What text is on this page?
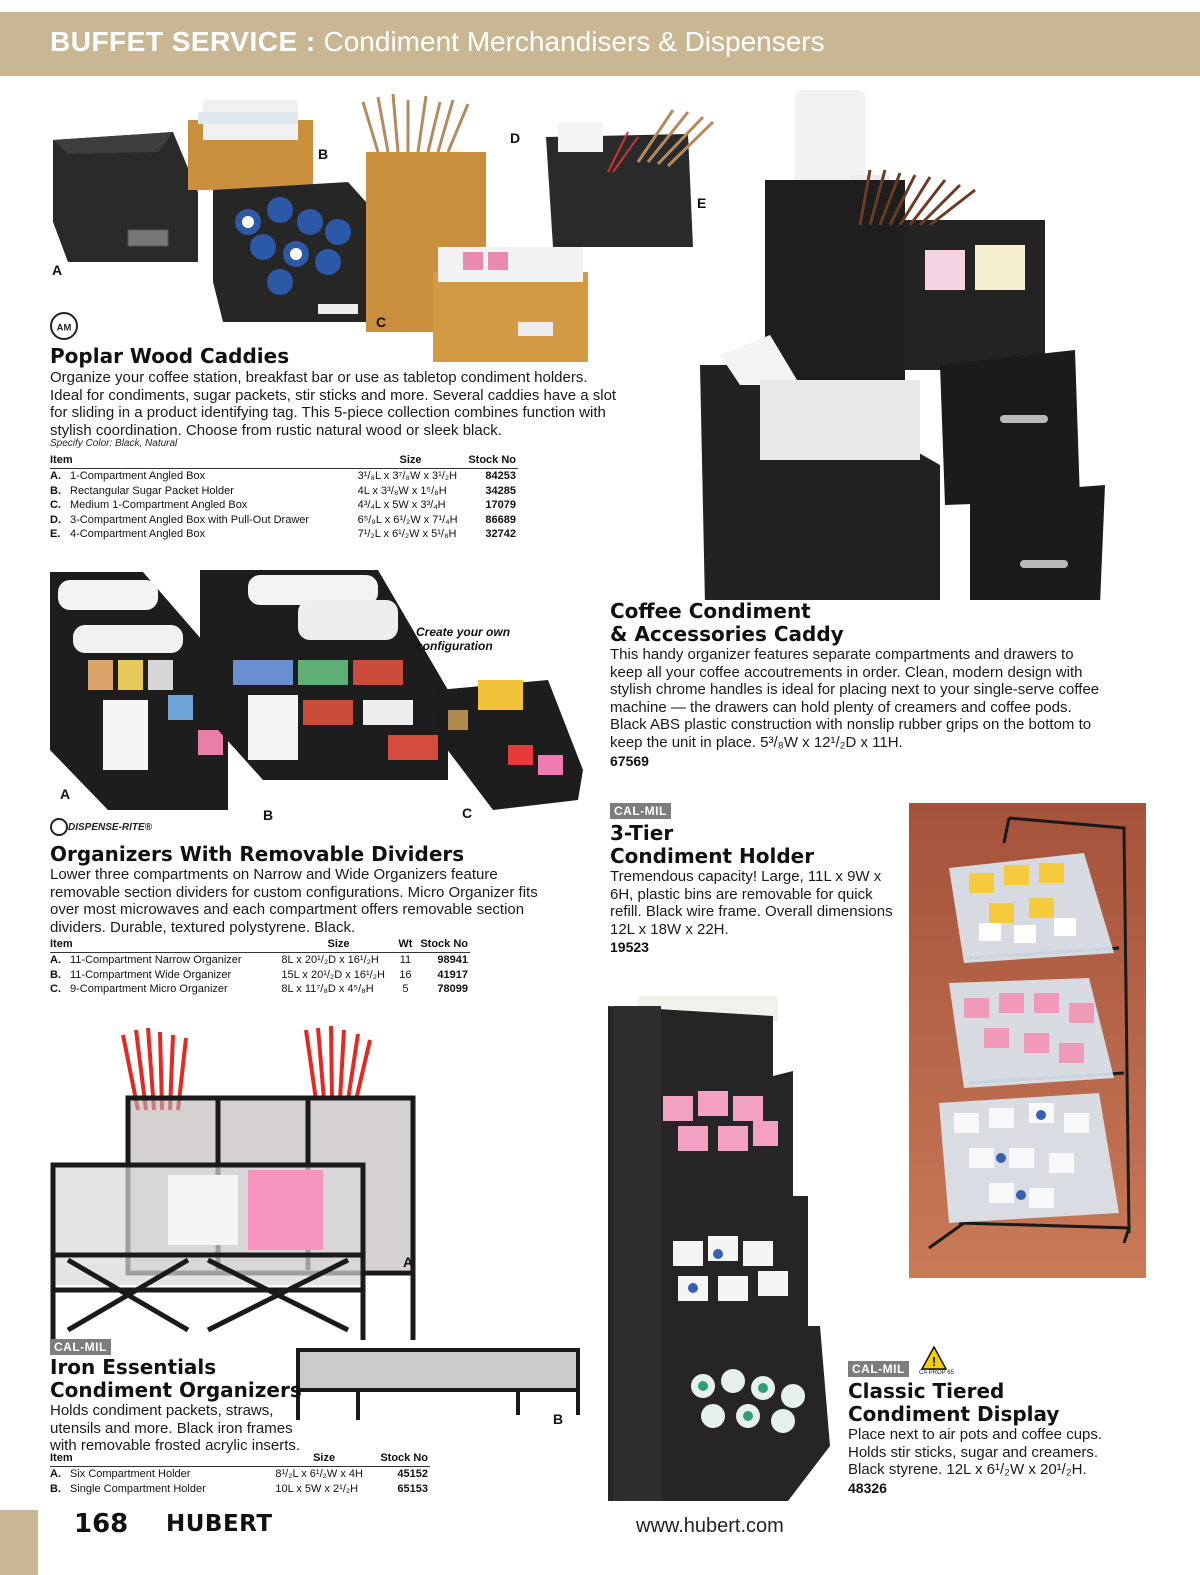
BUFFET SERVICE : Condiment Merchandisers & Dispensers
A
B
C
D
E
AM
Poplar Wood Caddies
Organize your coffee station, breakfast bar or use as tabletop condiment holders. Ideal for condiments, sugar packets, stir sticks and more. Several caddies have a slot for sliding in a product identifying tag. This 5-piece collection combines function with stylish coordination. Choose from rustic natural wood or sleek black.
Specify Color: Black, Natural
Item		Size	Stock No
A.	1-Compartment Angled Box	3¹/₈L x 3⁷/₈W x 3¹/₂H	84253
B.	Rectangular Sugar Packet Holder	4L x 3³/₈W x 1⁵/₈H	34285
C.	Medium 1-Compartment Angled Box	4³/₄L x 5W x 3³/₄H	17079
D.	3-Compartment Angled Box with Pull-Out Drawer	6⁵/₈L x 6¹/₂W x 7¹/₄H	86689
E.	4-Compartment Angled Box	7¹/₂L x 6¹/₂W x 5¹/₈H	32742
Coffee Condiment
& Accessories Caddy
This handy organizer features separate compartments and drawers to keep all your coffee accoutrements in order. Clean, modern design with stylish chrome handles is ideal for placing next to your single-serve coffee machine — the drawers can hold plenty of creamers and coffee pods. Black ABS plastic construction with nonslip rubber grips on the bottom to keep the unit in place. 5³/₈W x 12¹/₂D x 11H.
67569
Create your own configuration
A
B	C
DISPENSE-RITE®
Organizers With Removable Dividers
Lower three compartments on Narrow and Wide Organizers feature removable section dividers for custom configurations. Micro Organizer fits over most microwaves and each compartment offers removable section dividers. Durable, textured polystyrene. Black.
Item		Size	Wt	Stock No
A.	11-Compartment Narrow Organizer	8L x 20¹/₂D x 16¹/₂H	11	98941
B.	11-Compartment Wide Organizer	15L x 20¹/₂D x 16¹/₂H	16	41917
C.	9-Compartment Micro Organizer	8L x 11⁷/₈D x 4⁵/₈H	5	78099
CAL-MIL
3-Tier
Condiment Holder
Tremendous capacity! Large, 11L x 9W x 6H, plastic bins are removable for quick refill. Black wire frame. Overall dimensions 12L x 18W x 22H.
19523
A
B
CAL-MIL
Iron Essentials
Condiment Organizers
Holds condiment packets, straws, utensils and more. Black iron frames with removable frosted acrylic inserts.
Item		Size	Stock No
A.	Six Compartment Holder	8¹/₂L x 6¹/₂W x 4H	45152
B.	Single Compartment Holder	10L x 5W x 2¹/₂H	65153
CAL-MIL	!
CA PROP 65
Classic Tiered
Condiment Display
Place next to air pots and coffee cups. Holds stir sticks, sugar and creamers. Black styrene. 12L x 6¹/₂W x 20¹/₂H.
48326
168 HUBERT	www.hubert.com
